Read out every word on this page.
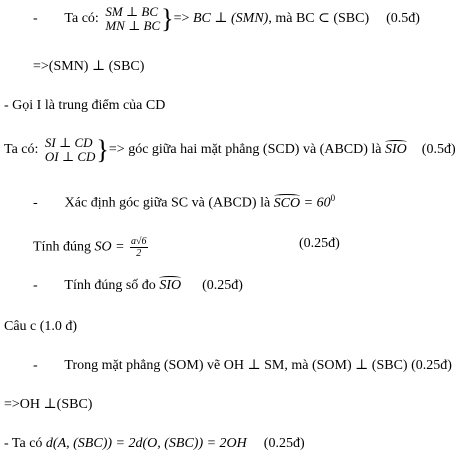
- Ta có: SM ⊥ BC
MN ⊥ BC }=> BC ⊥ (SMN), mà BC ⊂ (SBC) (0.5đ)
=>(SMN) ⊥ (SBC)
- Gọi I là trung điểm của CD
Ta có: SI ⊥ CD
OI ⊥ CD }=> góc giữa hai mặt phẳng (SCD) và (ABCD) là SIO (0.5đ)
- Xác định góc giữa SC và (ABCD) là SCO = $60^0$
Tính đúng SO = $\frac{a√6}{2}$	(0.25đ)
- Tính đúng số đo SIO (0.25đ)
Câu c (1.0 đ)
- Trong mặt phẳng (SOM) vẽ OH ⊥ SM, mà (SOM) ⊥ (SBC) (0.25đ)
=>OH ⊥(SBC)
- Ta có d(A, (SBC)) = 2d(O, (SBC)) = 2OH (0.25đ)
